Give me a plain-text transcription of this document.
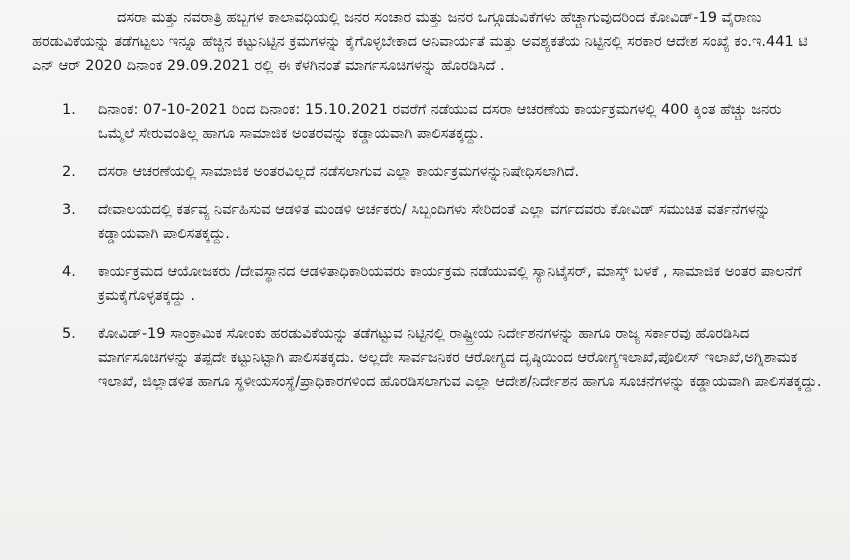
ದಸರಾ ಮತ್ತು ನವರಾತ್ರಿ ಹಬ್ಬಗಳ ಕಾಲಾವಧಿಯಲ್ಲಿ ಜನರ ಸಂಚಾರ ಮತ್ತು ಜನರ ಒಗ್ಗೂಡುವಿಕೆಗಳು ಹೆಚ್ಚಾಗುವುದರಿಂದ ಕೋವಿಡ್-19 ವೈರಾಣು ಹರಡುವಿಕೆಯನ್ನು ತಡೆಗಟ್ಟಲು ಇನ್ನೂ ಹೆಚ್ಚಿನ ಕಟ್ಟುನಿಟ್ಟಿನ ಕ್ರಮಗಳನ್ನು ಕೈಗೊಳ್ಳಬೇಕಾದ ಅನಿವಾರ್ಯತೆ ಮತ್ತು ಅವಶ್ಯಕತೆಯ ನಿಟ್ಟಿನಲ್ಲಿ ಸರಕಾರ ಆದೇಶ ಸಂಖ್ಯೆ ಕಂ.ಇ.441 ಟಿ ಎನ್ ಆರ್ 2020 ದಿನಾಂಕ 29.09.2021 ರಲ್ಲಿ ಈ ಕೆಳಗಿನಂತೆ ಮಾರ್ಗಸೂಚಿಗಳನ್ನು ಹೊರಡಿಸಿದೆ .

1.	ದಿನಾಂಕ: 07-10-2021 ರಿಂದ ದಿನಾಂಕ: 15.10.2021 ರವರೆಗೆ ನಡೆಯುವ ದಸರಾ ಆಚರಣೆಯ ಕಾರ್ಯಕ್ರಮಗಳಲ್ಲಿ 400 ಕ್ಕಿಂತ ಹೆಚ್ಚು ಜನರು ಒಮ್ಮೆಲೆ ಸೇರುವಂತಿಲ್ಲ ಹಾಗೂ ಸಾಮಾಜಿಕ ಅಂತರವನ್ನು ಕಡ್ಡಾಯವಾಗಿ ಪಾಲಿಸತಕ್ಕದ್ದು.
2.	ದಸರಾ ಆಚರಣೆಯಲ್ಲಿ ಸಾಮಾಜಿಕ ಅಂತರವಿಲ್ಲದೆ ನಡೆಸಲಾಗುವ ಎಲ್ಲಾ ಕಾರ್ಯಕ್ರಮಗಳನ್ನುನಿಷೇಧಿಸಲಾಗಿದೆ.
3.	ದೇವಾಲಯದಲ್ಲಿ ಕರ್ತವ್ಯ ನಿರ್ವಹಿಸುವ ಆಡಳಿತ ಮಂಡಳಿ ಅರ್ಚಕರು/ ಸಿಬ್ಬಂದಿಗಳು ಸೇರಿದಂತೆ ಎಲ್ಲಾ ವರ್ಗದವರು ಕೋವಿಡ್ ಸಮುಚಿತ ವರ್ತನೆಗಳನ್ನು ಕಡ್ಡಾಯವಾಗಿ ಪಾಲಿಸತಕ್ಕದ್ದು.
4.	ಕಾರ್ಯಕ್ರಮದ ಆಯೋಜಕರು /ದೇವಸ್ಥಾನದ ಆಡಳಿತಾಧಿಕಾರಿಯವರು ಕಾರ್ಯಕ್ರಮ ನಡೆಯುವಲ್ಲಿ ಸ್ಯಾನಿಟೈಸರ್, ಮಾಸ್ಕ್ ಬಳಕೆ , ಸಾಮಾಜಿಕ ಅಂತರ ಪಾಲನೆಗೆ ಕ್ರಮಕೈಗೊಳ್ಳತಕ್ಕದ್ದು .
5.	ಕೋವಿಡ್-19 ಸಾಂಕ್ರಾಮಿಕ ಸೋಂಕು ಹರಡುವಿಕೆಯನ್ನು ತಡೆಗಟ್ಟುವ ನಿಟ್ಟಿನಲ್ಲಿ ರಾಷ್ಟ್ರೀಯ ನಿರ್ದೇಶನಗಳನ್ನು ಹಾಗೂ ರಾಜ್ಯ ಸರ್ಕಾರವು ಹೊರಡಿಸಿದ ಮಾರ್ಗಸೂಚಿಗಳನ್ನು ತಪ್ಪದೇ ಕಟ್ಟುನಿಟ್ಟಾಗಿ ಪಾಲಿಸತಕ್ಕದು. ಅಲ್ಲದೇ ಸಾರ್ವಜನಿಕರ ಆರೋಗ್ಯದ ದೃಷ್ಠಿಯಿಂದ ಆರೋಗ್ಯಇಲಾಖೆ,ಪೊಲೀಸ್ ಇಲಾಖೆ,ಅಗ್ನಿಶಾಮಕ ಇಲಾಖೆ, ಜಿಲ್ಲಾಡಳಿತ ಹಾಗೂ ಸ್ಥಳೀಯಸಂಸ್ಥೆ/ಪ್ರಾಧಿಕಾರಗಳಿಂದ ಹೊರಡಿಸಲಾಗುವ ಎಲ್ಲಾ ಆದೇಶ/ನಿರ್ದೇಶನ ಹಾಗೂ ಸೂಚನೆಗಳನ್ನು ಕಡ್ಡಾಯವಾಗಿ ಪಾಲಿಸತಕ್ಕದ್ದು.
